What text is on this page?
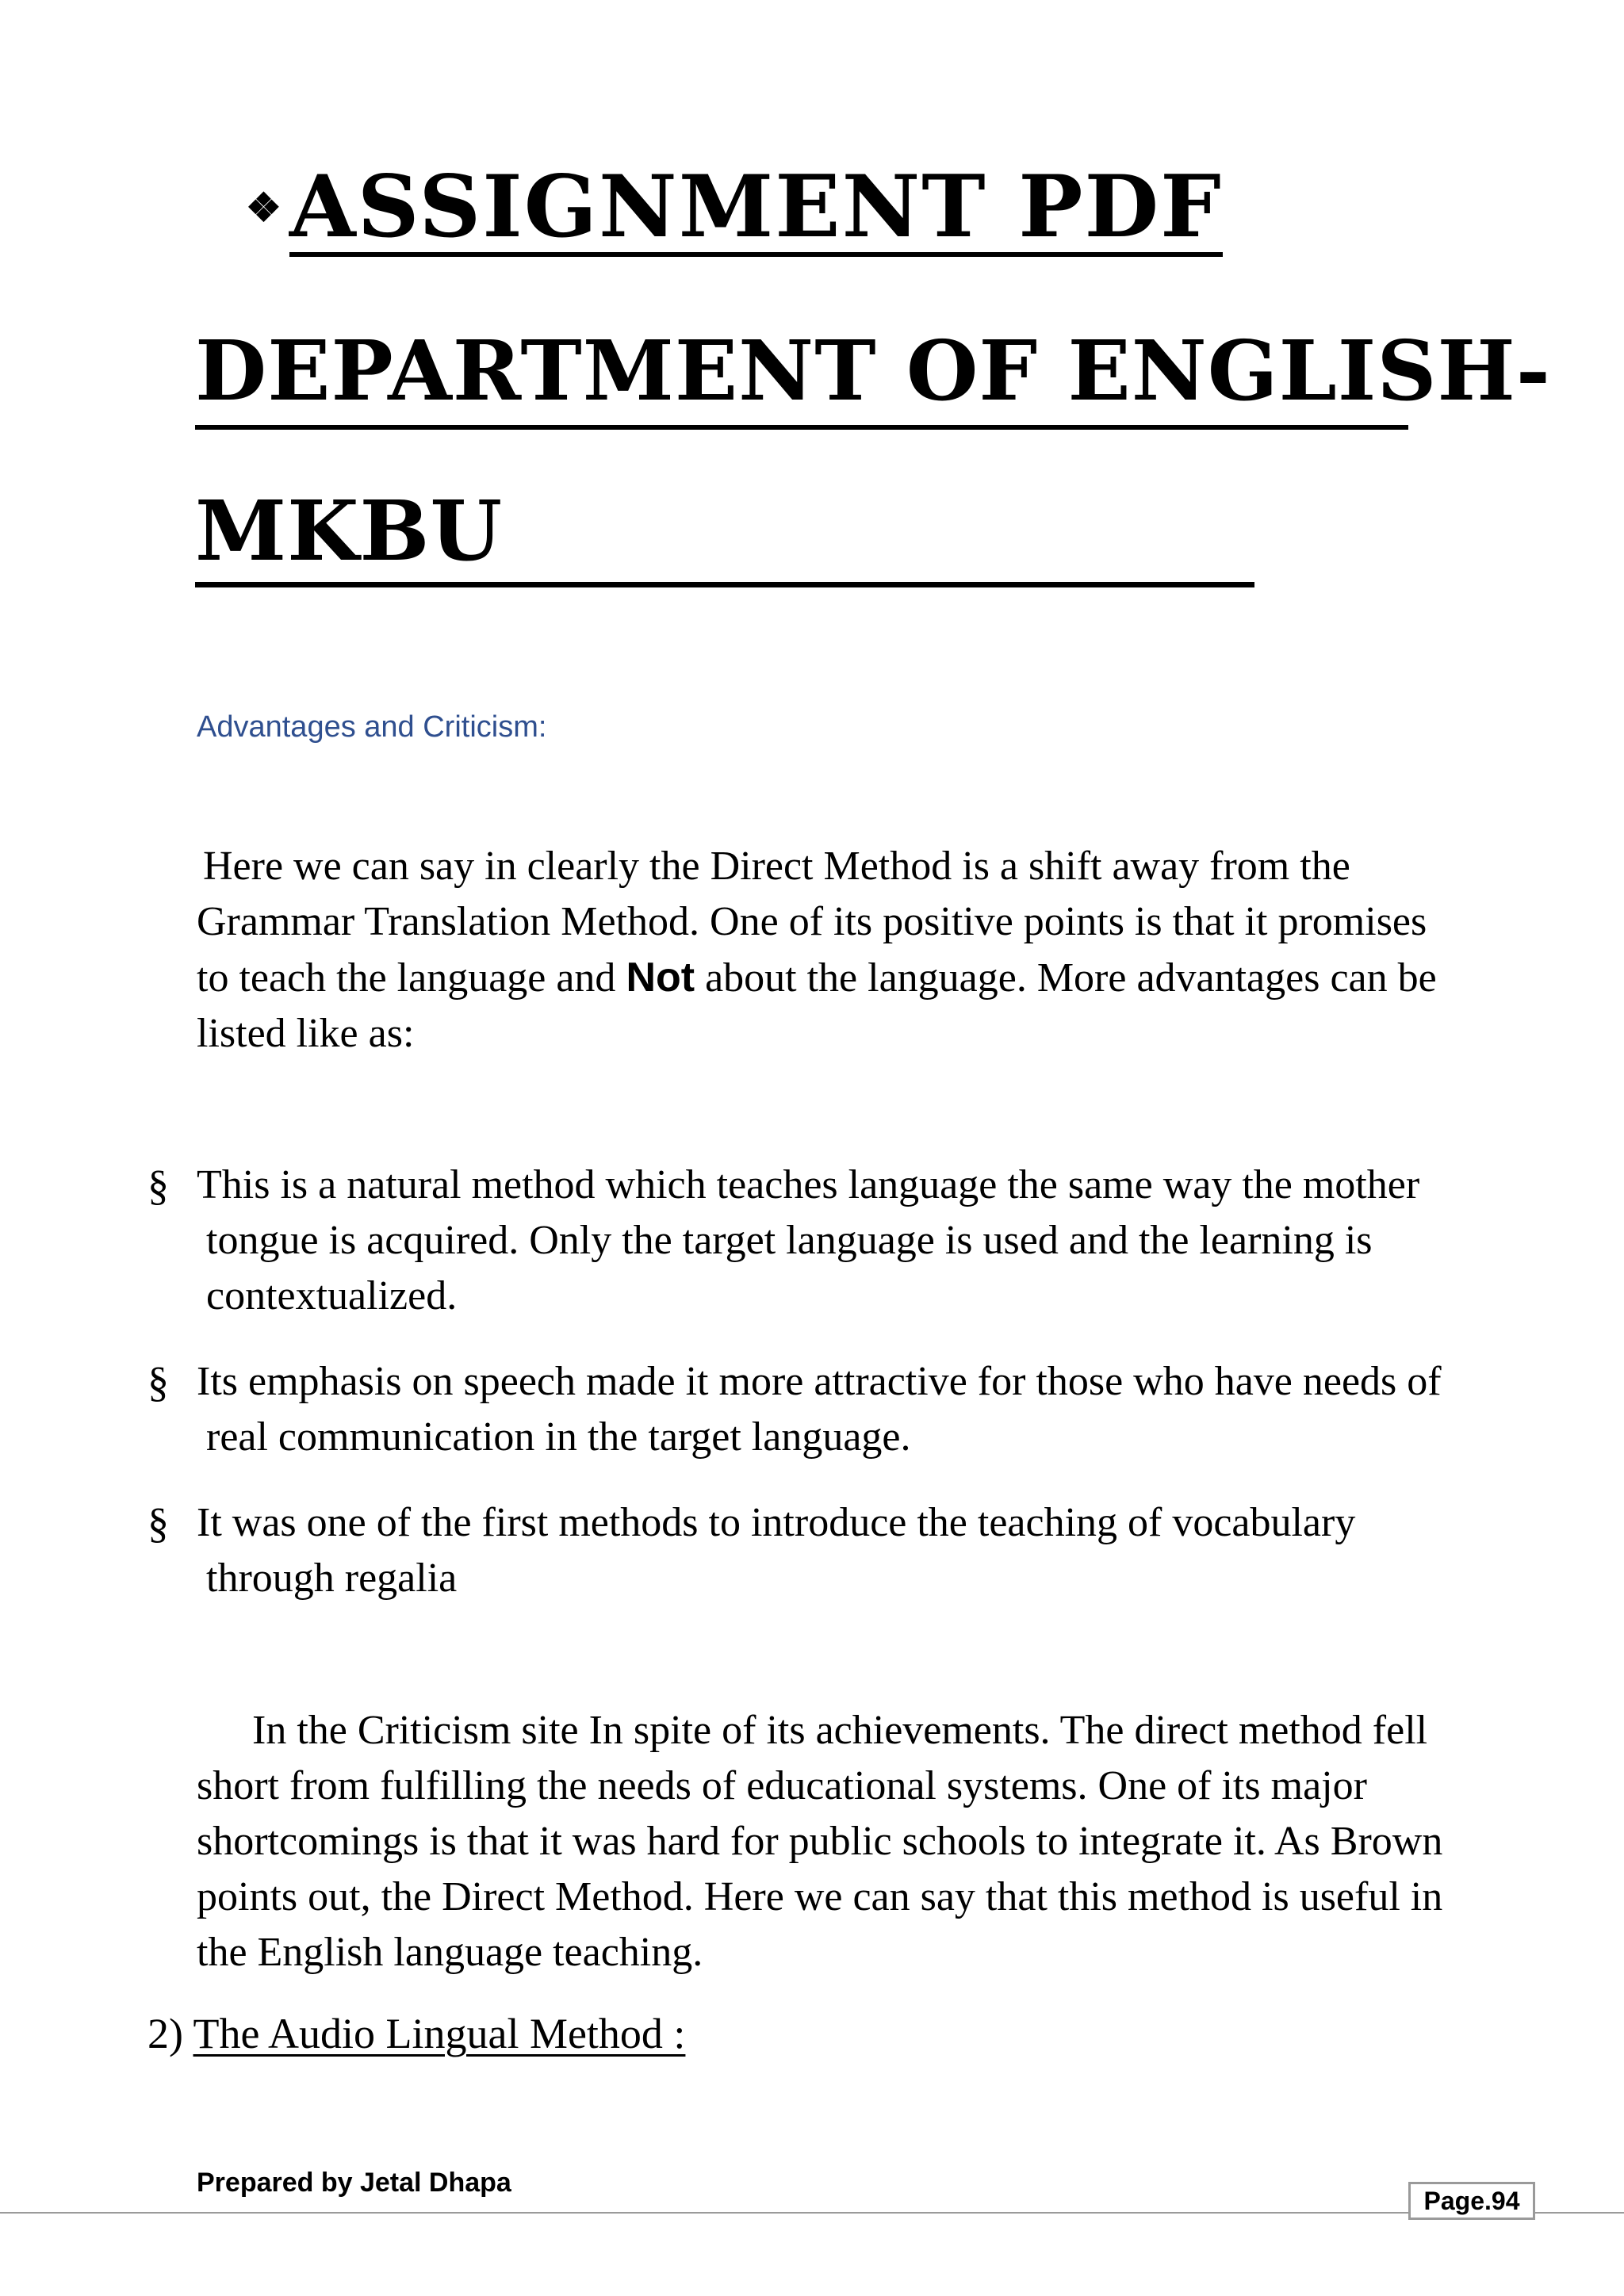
❖ASSIGNMENT PDF
DEPARTMENT OF ENGLISH-
MKBU
Advantages and Criticism:
Here we can say in clearly the Direct Method is a shift away from the Grammar Translation Method. One of its positive points is that it promises to teach the language and Not about the language. More advantages can be listed like as:
§ This is a natural method which teaches language the same way the mother tongue is acquired. Only the target language is used and the learning is contextualized.
§ Its emphasis on speech made it more attractive for those who have needs of real communication in the target language.
§ It was one of the first methods to introduce the teaching of vocabulary through regalia
In the Criticism site In spite of its achievements. The direct method fell short from fulfilling the needs of educational systems. One of its major shortcomings is that it was hard for public schools to integrate it. As Brown points out, the Direct Method. Here we can say that this method is useful in the English language teaching.
2) The Audio Lingual Method :
Prepared by Jetal Dhapa
Page.94
